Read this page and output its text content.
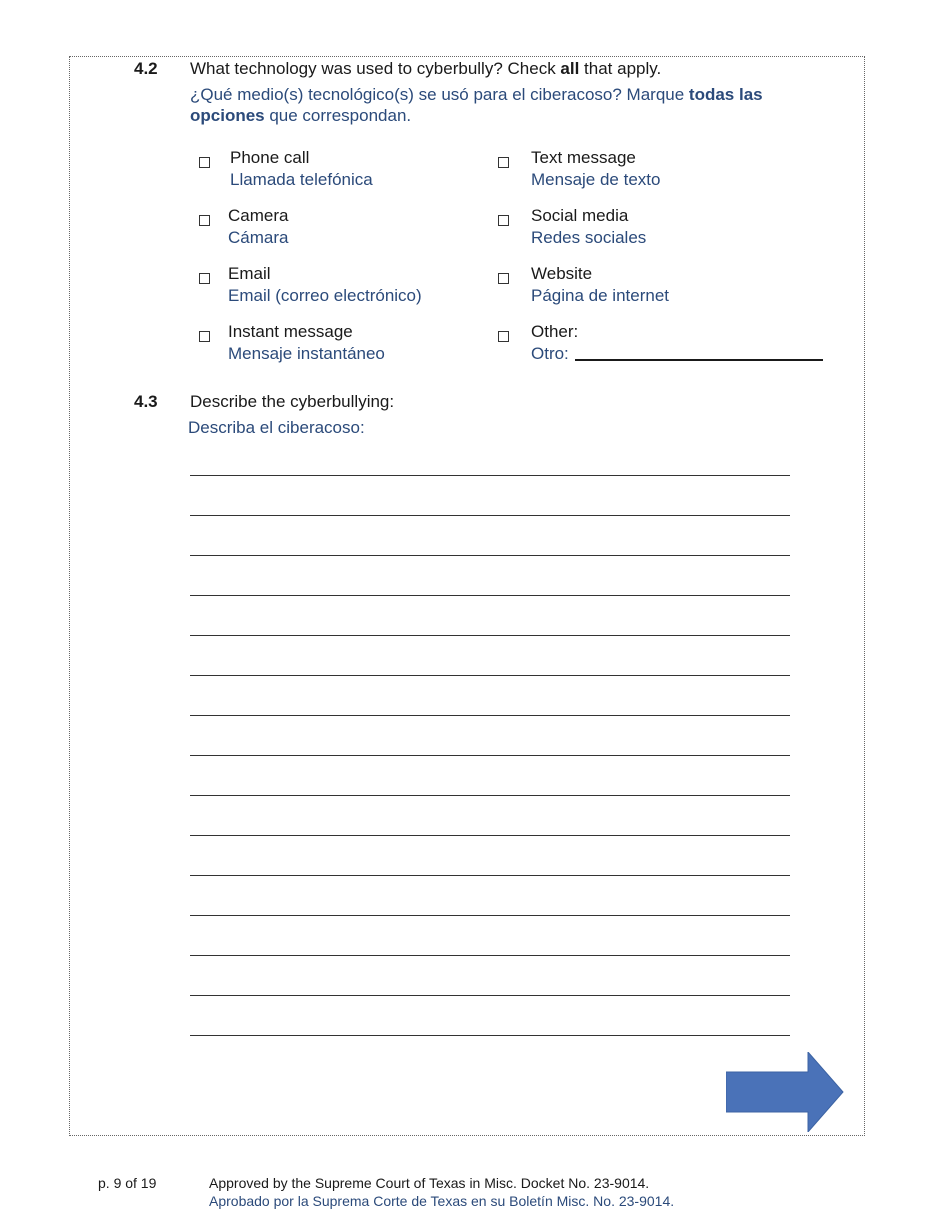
4.2 What technology was used to cyberbully? Check all that apply.
¿Qué medio(s) tecnológico(s) se usó para el ciberacoso? Marque todas las
opciones que correspondan.
Phone call
Llamada telefónica
Text message
Mensaje de texto
Camera
Cámara
Social media
Redes sociales
Email
Email (correo electrónico)
Website
Página de internet
Instant message
Mensaje instantáneo
Other:
Otro:
4.3 Describe the cyberbullying:
Describa el ciberacoso:
p. 9 of 19	Approved by the Supreme Court of Texas in Misc. Docket No. 23-9014.
Aprobado por la Suprema Corte de Texas en su Boletín Misc. No. 23-9014.
